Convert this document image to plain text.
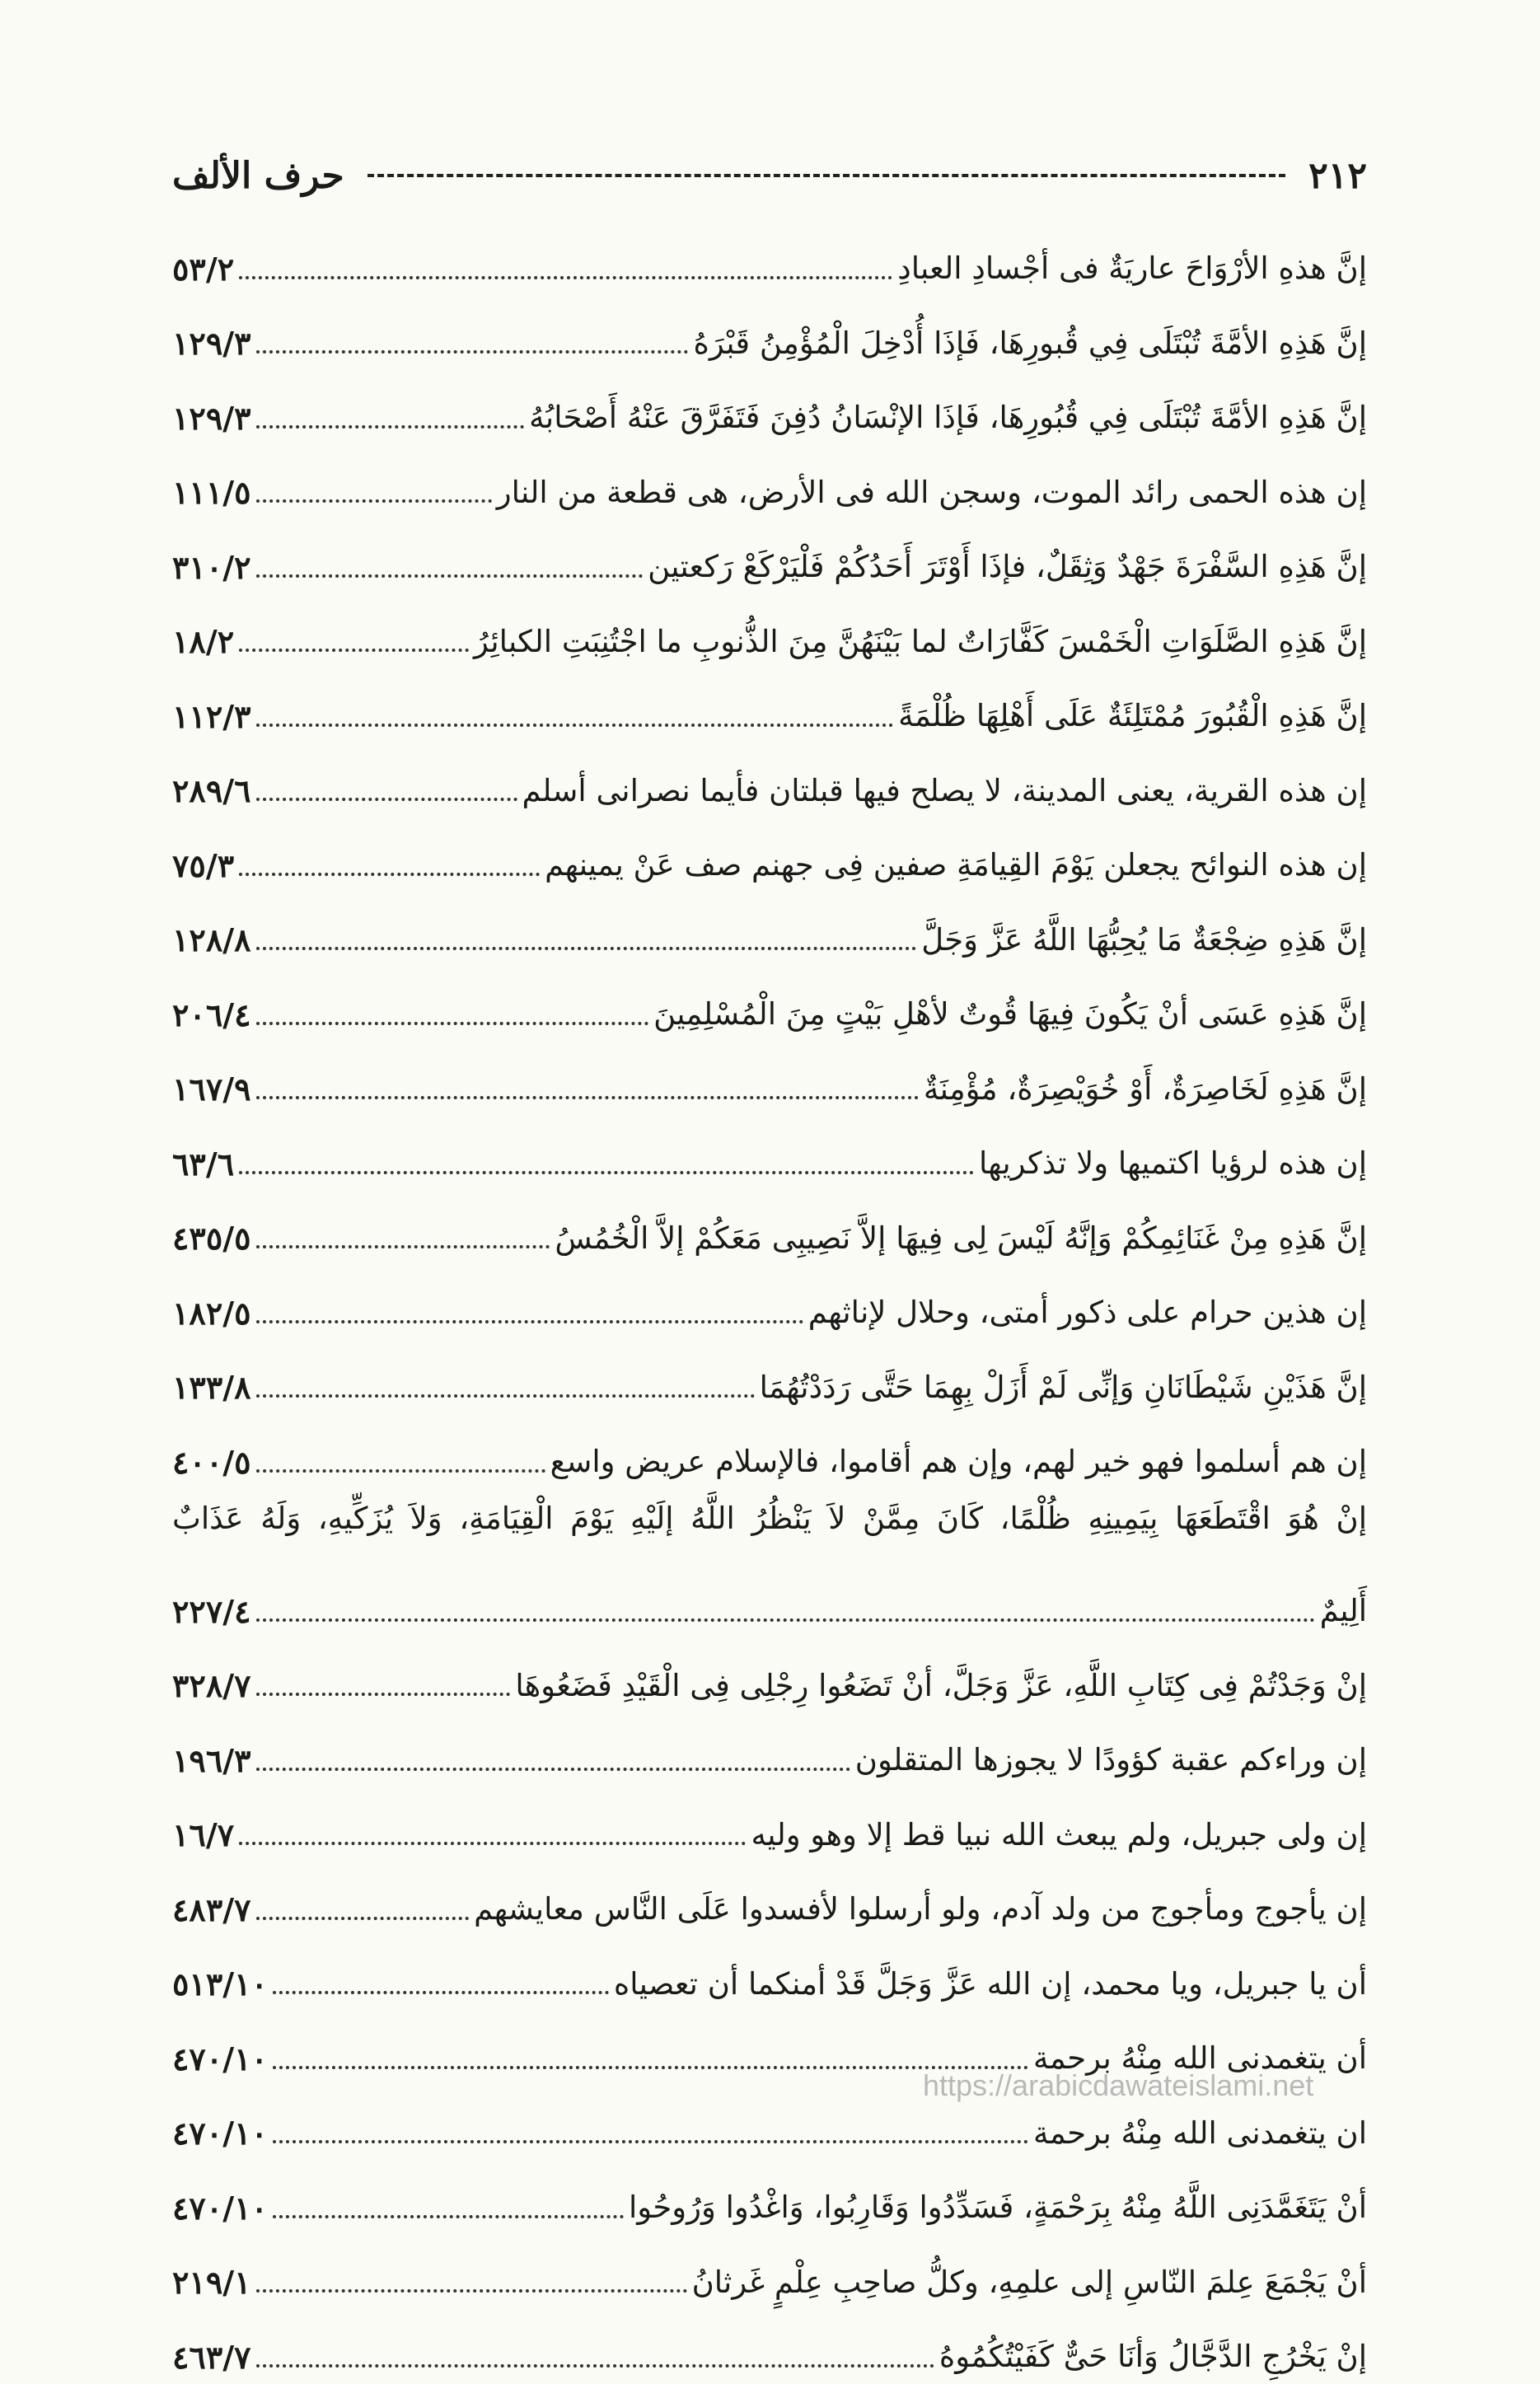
٢١٢
حرف الألف
إنَّ هذهِ الأرْوَاحَ عاريَةٌ فى أجْسادِ العبادِ
٥٣/٢
إنَّ هَذِهِ الأمَّةَ تُبْتَلَى فِي قُبورِهَا، فَإذَا أُدْخِلَ الْمُؤْمِنُ قَبْرَهُ
١٢٩/٣
إنَّ هَذِهِ الأمَّةَ تُبْتَلَى فِي قُبُورِهَا، فَإذَا الإنْسَانُ دُفِنَ فَتَفَرَّقَ عَنْهُ أَصْحَابُهُ
١٢٩/٣
إن هذه الحمى رائد الموت، وسجن الله فى الأرض، هى قطعة من النار
١١١/٥
إنَّ هَذِهِ السَّفْرَةَ جَهْدٌ وَثِقَلٌ، فإذَا أَوْتَرَ أَحَدُكُمْ فَلْيَرْكَعْ رَكعتين
٣١٠/٢
إنَّ هَذِهِ الصَّلَوَاتِ الْخَمْسَ كَفَّارَاتٌ لما بَيْنَهُنَّ مِنَ الذُّنوبِ ما اجْتُنِبَتِ الكبائِرُ
١٨/٢
إنَّ هَذِهِ الْقُبُورَ مُمْتَلِئَةٌ عَلَى أَهْلِهَا ظُلْمَةً
١١٢/٣
إن هذه القرية، يعنى المدينة، لا يصلح فيها قبلتان فأيما نصرانى أسلم
٢٨٩/٦
إن هذه النوائح يجعلن يَوْمَ القِيامَةِ صفين فِى جهنم صف عَنْ يمينهم
٧٥/٣
إنَّ هَذِهِ ضِجْعَةٌ مَا يُحِبُّهَا اللَّهُ عَزَّ وَجَلَّ
١٢٨/٨
إنَّ هَذِهِ عَسَى أنْ يَكُونَ فِيهَا قُوتٌ لأهْلِ بَيْتٍ مِنَ الْمُسْلِمِينَ
٢٠٦/٤
إنَّ هَذِهِ لَخَاصِرَةٌ، أَوْ خُوَيْصِرَةٌ، مُؤْمِنَةٌ
١٦٧/٩
إن هذه لرؤيا اكتميها ولا تذكريها
٦٣/٦
إنَّ هَذِهِ مِنْ غَنَائِمِكُمْ وَإنَّهُ لَيْسَ لِى فِيهَا إلاَّ نَصِيبِى مَعَكُمْ إلاَّ الْخُمُسُ
٤٣٥/٥
إن هذين حرام على ذكور أمتى، وحلال لإناثهم
١٨٢/٥
إنَّ هَذَيْنِ شَيْطَانَانِ وَإنِّى لَمْ أَزَلْ بِهِمَا حَتَّى رَدَدْتُهُمَا
١٣٣/٨
إن هم أسلموا فهو خير لهم، وإن هم أقاموا، فالإسلام عريض واسع
٤٠٠/٥
إنْ هُوَ اقْتَطَعَهَا بِيَمِينِهِ ظُلْمًا، كَانَ مِمَّنْ لاَ يَنْظُرُ اللَّهُ إلَيْهِ يَوْمَ الْقِيَامَةِ، وَلاَ يُزَكِّيهِ، وَلَهُ عَذَابٌ
أَلِيمٌ
٢٢٧/٤
إنْ وَجَدْتُمْ فِى كِتَابِ اللَّهِ، عَزَّ وَجَلَّ، أنْ تَضَعُوا رِجْلِى فِى الْقَيْدِ فَضَعُوهَا
٣٢٨/٧
إن وراءكم عقبة كؤودًا لا يجوزها المتقلون
١٩٦/٣
إن ولى جبريل، ولم يبعث الله نبيا قط إلا وهو وليه
١٦/٧
إن يأجوج ومأجوج من ولد آدم، ولو أرسلوا لأفسدوا عَلَى النَّاس معايشهم
٤٨٣/٧
أن يا جبريل، ويا محمد، إن الله عَزَّ وَجَلَّ قَدْ أمنكما أن تعصياه
٥١٣/١٠
أن يتغمدنى الله مِنْهُ برحمة
٤٧٠/١٠
ان يتغمدنى الله مِنْهُ برحمة
٤٧٠/١٠
أنْ يَتَغَمَّدَنِى اللَّهُ مِنْهُ بِرَحْمَةٍ، فَسَدِّدُوا وَقَارِبُوا، وَاغْدُوا وَرُوحُوا
٤٧٠/١٠
أنْ يَجْمَعَ عِلمَ النّاسِ إلى علمِهِ، وكلُّ صاحِبِ عِلْمٍ غَرثانُ
٢١٩/١
إنْ يَخْرُجِ الدَّجَّالُ وَأنَا حَىٌّ كَفَيْتُكُمُوهُ
٤٦٣/٧
https://arabicdawateislami.net
